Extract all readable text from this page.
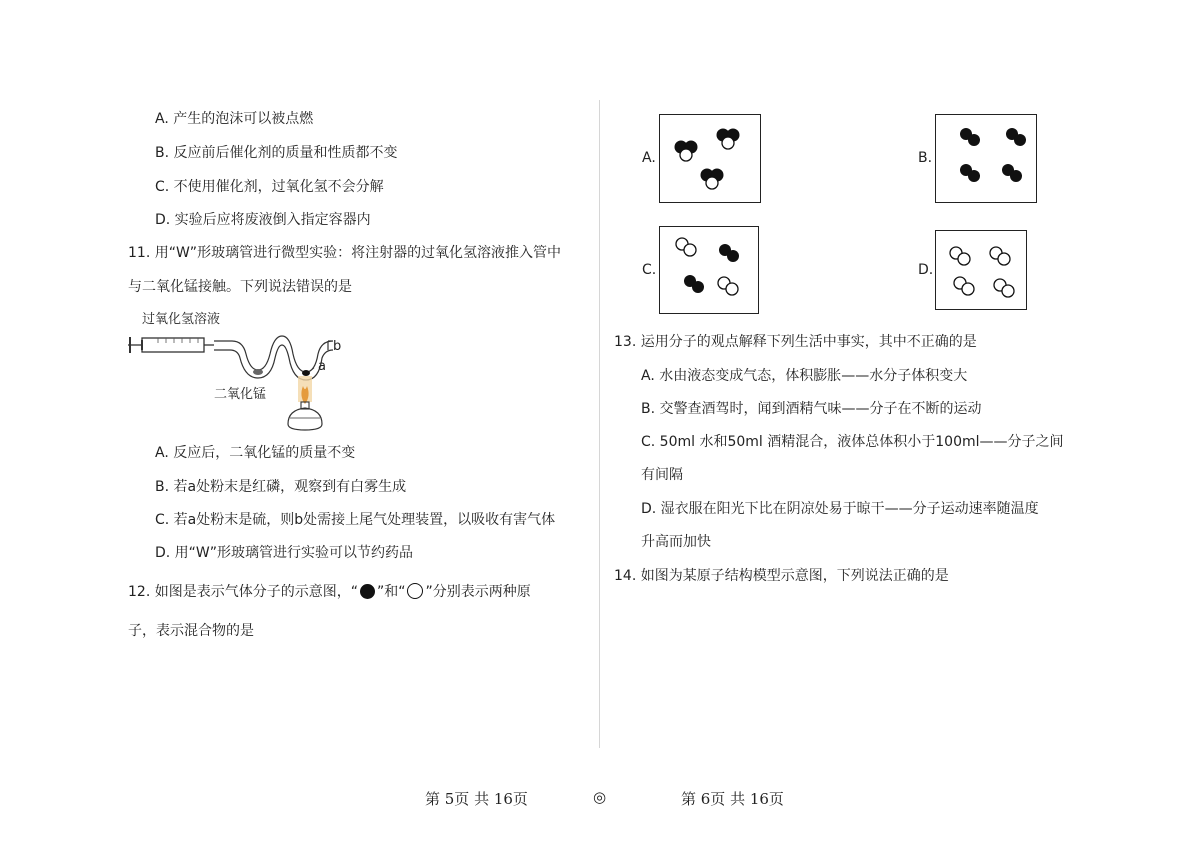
A. 产生的泡沫可以被点燃
B. 反应前后催化剂的质量和性质都不变
C. 不使用催化剂，过氧化氢不会分解
D. 实验后应将废液倒入指定容器内
11. 用“W”形玻璃管进行微型实验：将注射器的过氧化氢溶液推入管中
与二氧化锰接触。下列说法错误的是
过氧化氢溶液
二氧化锰
a
b
A. 反应后，二氧化锰的质量不变
B. 若a处粉末是红磷，观察到有白雾生成
C. 若a处粉末是硫，则b处需接上尾气处理装置，以吸收有害气体
D. 用“W”形玻璃管进行实验可以节约药品
12. 如图是表示气体分子的示意图，“ ”和“ ”分别表示两种原
子，表示混合物的是
A.	B.
C.	D.
13. 运用分子的观点解释下列生活中事实，其中不正确的是
A. 水由液态变成气态，体积膨胀——水分子体积变大
B. 交警查酒驾时，闻到酒精气味——分子在不断的运动
C. 50ml 水和50ml 酒精混合，液体总体积小于100ml——分子之间
有间隔
D. 湿衣服在阳光下比在阴凉处易于晾干——分子运动速率随温度
升高而加快
14. 如图为某原子结构模型示意图，下列说法正确的是
第 5页 共 16页	◎	第 6页 共 16页
